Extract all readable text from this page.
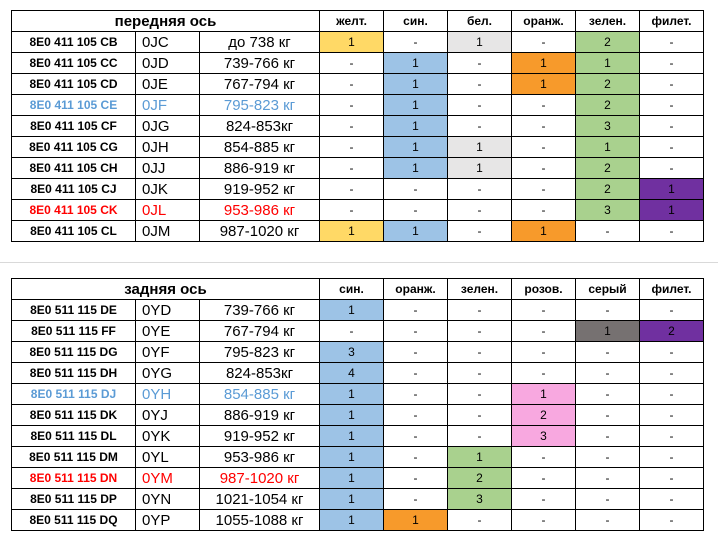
передняя ось			желт.	син.	бел.	оранж.	зелен.	филет.
8E0 411 105 CB	0JC	до 738 кг	1	-	1	-	2	-
8E0 411 105 CC	0JD	739-766 кг	-	1	-	1	1	-
8E0 411 105 CD	0JE	767-794 кг	-	1	-	1	2	-
8E0 411 105 CE	0JF	795-823 кг	-	1	-	-	2	-
8E0 411 105 CF	0JG	824-853кг	-	1	-	-	3	-
8E0 411 105 CG	0JH	854-885 кг	-	1	1	-	1	-
8E0 411 105 CH	0JJ	886-919 кг	-	1	1	-	2	-
8E0 411 105 CJ	0JK	919-952 кг	-	-	-	-	2	1
8E0 411 105 CK	0JL	953-986 кг	-	-	-	-	3	1
8E0 411 105 CL	0JM	987-1020 кг	1	1	-	1	-	-
задняя ось			син.	оранж.	зелен.	розов.	серый	филет.
8E0 511 115 DE	0YD	739-766 кг	1	-	-	-	-	-
8E0 511 115 FF	0YE	767-794 кг	-	-	-	-	1	2
8E0 511 115 DG	0YF	795-823 кг	3	-	-	-	-	-
8E0 511 115 DH	0YG	824-853кг	4	-	-	-	-	-
8E0 511 115 DJ	0YH	854-885 кг	1	-	-	1	-	-
8E0 511 115 DK	0YJ	886-919 кг	1	-	-	2	-	-
8E0 511 115 DL	0YK	919-952 кг	1	-	-	3	-	-
8E0 511 115 DM	0YL	953-986 кг	1	-	1	-	-	-
8E0 511 115 DN	0YM	987-1020 кг	1	-	2	-	-	-
8E0 511 115 DP	0YN	1021-1054 кг	1	-	3	-	-	-
8E0 511 115 DQ	0YP	1055-1088 кг	1	1	-	-	-	-
